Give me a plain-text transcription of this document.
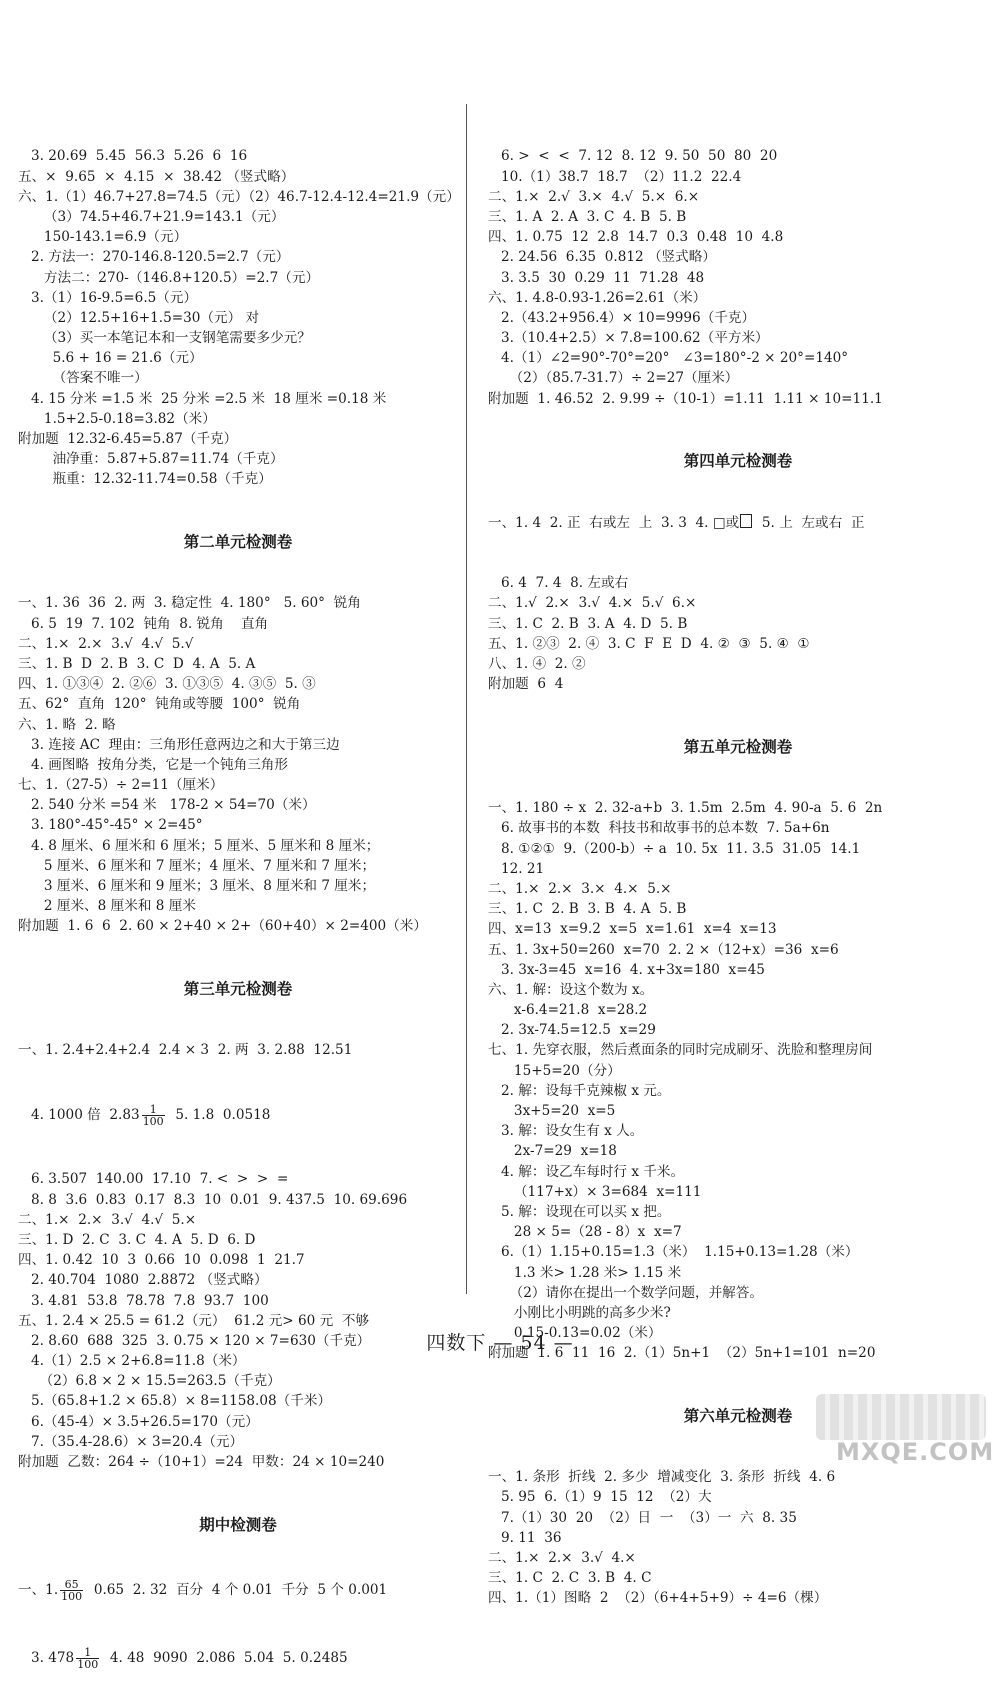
3. 20.69  5.45  56.3  5.26  6  16
五、×  9.65  ×  4.15  ×  38.42 （竖式略）
六、1.（1）46.7+27.8=74.5（元）（2）46.7-12.4-12.4=21.9（元）
（3）74.5+46.7+21.9=143.1（元）
150-143.1=6.9（元）
2. 方法一：270-146.8-120.5=2.7（元）
方法二：270-（146.8+120.5）=2.7（元）
3.（1）16-9.5=6.5（元）
（2）12.5+16+1.5=30（元） 对
（3）买一本笔记本和一支钢笔需要多少元？
5.6 + 16 = 21.6（元）
（答案不唯一）
4. 15 分米 =1.5 米  25 分米 =2.5 米  18 厘米 =0.18 米
1.5+2.5-0.18=3.82（米）
附加题  12.32-6.45=5.87（千克）
油净重：5.87+5.87=11.74（千克）
瓶重：12.32-11.74=0.58（千克）

第二单元检测卷

一、1. 36  36  2. 两  3. 稳定性  4. 180°   5. 60°  锐角
6. 5  19  7. 102  钝角  8. 锐角    直角
二、1.×  2.×  3.√  4.√  5.√
三、1. B  D  2. B  3. C  D  4. A  5. A
四、1. ①③④  2. ②⑥  3. ①③⑤  4. ③⑤  5. ③
五、62°  直角  120°  钝角或等腰  100°  锐角
六、1. 略  2. 略
3. 连接 AC  理由：三角形任意两边之和大于第三边
4. 画图略  按角分类，它是一个钝角三角形
七、1.（27-5）÷ 2=11（厘米）
2. 540 分米 =54 米   178-2 × 54=70（米）
3. 180°-45°-45° × 2=45°
4. 8 厘米、6 厘米和 6 厘米；5 厘米、5 厘米和 8 厘米；
5 厘米、6 厘米和 7 厘米；4 厘米、7 厘米和 7 厘米；
3 厘米、6 厘米和 9 厘米；3 厘米、8 厘米和 7 厘米；
2 厘米、8 厘米和 8 厘米
附加题  1. 6  6  2. 60 × 2+40 × 2+（60+40）× 2=400（米）

第三单元检测卷

一、1. 2.4+2.4+2.4  2.4 × 3  2. 两  3. 2.88  12.51

4. 1000 倍  $2.83 \frac{1}{100} 5$. 1.8  0.0518

6. 3.507  140.00  17.10  7. <  >  >  =
8. 8  3.6  0.83  0.17  8.3  10  0.01  9. 437.5  10. 69.696
二、1.×  2.×  3.√  4.√  5.×
三、1. D  2. C  3. C  4. A  5. D  6. D
四、1. 0.42  10  3  0.66  10  0.098  1  21.7
2. 40.704  1080  2.8872 （竖式略）
3. 4.81  53.8  78.78  7.8  93.7  100
五、1. 2.4 × 25.5 = 61.2（元）  61.2 元> 60 元  不够
2. 8.60  688  325  3. 0.75 × 120 × 7=630（千克）
4.（1）2.5 × 2+6.8=11.8（米）
（2）6.8 × 2 × 15.5=263.5（千克）
5.（65.8+1.2 × 65.8）× 8=1158.08（千米）
6.（45-4）× 3.5+26.5=170（元）
7.（35.4-28.6）× 3=20.4（元）
附加题  乙数：264 ÷（10+1）=24  甲数：24 × 10=240

期中检测卷

一、1. $\frac{65}{100} 0.65$  2. 32  百分  4 个 0.01  千分  5 个 0.001

3. $478 \frac{1}{100} 4$. 48  9090  2.086  5.04  5. 0.2485

6. >  <  <  7. 12  8. 12  9. 50  50  80  20
10.（1）38.7  18.7  （2）11.2  22.4
二、1.×  2.√  3.×  4.√  5.×  6.×
三、1. A  2. A  3. C  4. B  5. B
四、1. 0.75  12  2.8  14.7  0.3  0.48  10  4.8
2. 24.56  6.35  0.812 （竖式略）
3. 3.5  30  0.29  11  71.28  48
六、1. 4.8-0.93-1.26=2.61（米）
2.（43.2+956.4）× 10=9996（千克）
3.（10.4+2.5）× 7.8=100.62（平方米）
4.（1）∠2=90°-70°=20°   ∠3=180°-2 × 20°=140°
（2）（85.7-31.7）÷ 2=27（厘米）
附加题  1. 46.52  2. 9.99 ÷（10-1）=1.11  1.11 × 10=11.1

第四单元检测卷

一、1. 4  2. 正  右或左  上  3. 3  4. □或  5. 上  左或右  正

6. 4  7. 4  8. 左或右
二、1.√  2.×  3.√  4.×  5.√  6.×
三、1. C  2. B  3. A  4. D  5. B
五、1. ②③  2. ④  3. C  F  E  D  4. ②  ③  5. ④  ①
八、1. ④  2. ②
附加题  6  4

第五单元检测卷

一、1. 180 ÷ x  2. 32-a+b  3. 1.5m  2.5m  4. 90-a  5. 6  2n
6. 故事书的本数  科技书和故事书的总本数  7. 5a+6n
8. ①②①  9.（200-b）÷ a  10. 5x  11. 3.5  31.05  14.1
12. 21
二、1.×  2.×  3.×  4.×  5.×
三、1. C  2. B  3. B  4. A  5. B
四、x=13  x=9.2  x=5  x=1.61  x=4  x=13
五、1. 3x+50=260  x=70  2. 2 ×（12+x）=36  x=6
3. 3x-3=45  x=16  4. x+3x=180  x=45
六、1. 解：设这个数为 x。
x-6.4=21.8  x=28.2
2. 3x-74.5=12.5  x=29
七、1. 先穿衣服，然后煮面条的同时完成刷牙、洗脸和整理房间
15+5=20（分）
2. 解：设每千克辣椒 x 元。
3x+5=20  x=5
3. 解：设女生有 x 人。
2x-7=29  x=18
4. 解：设乙车每时行 x 千米。
（117+x）× 3=684  x=111
5. 解：设现在可以买 x 把。
28 × 5=（28 - 8）x  x=7
6.（1）1.15+0.15=1.3（米）  1.15+0.13=1.28（米）
1.3 米> 1.28 米> 1.15 米
（2）请你在提出一个数学问题，并解答。
小刚比小明跳的高多少米?
0.15-0.13=0.02（米）
附加题  1. 6  11  16  2.（1）5n+1  （2）5n+1=101  n=20

第六单元检测卷

一、1. 条形  折线  2. 多少  增减变化  3. 条形  折线  4. 6
5. 95  6.（1）9  15  12  （2）大
7.（1）30  20  （2）日  一  （3）一  六  8. 35
9. 11  36
二、1.×  2.×  3.√  4.×
三、1. C  2. C  3. B  4. C
四、1.（1）图略  2  （2）（6+4+5+9）÷ 4=6（棵）

四数下 — 54 —
MXQE.COM
